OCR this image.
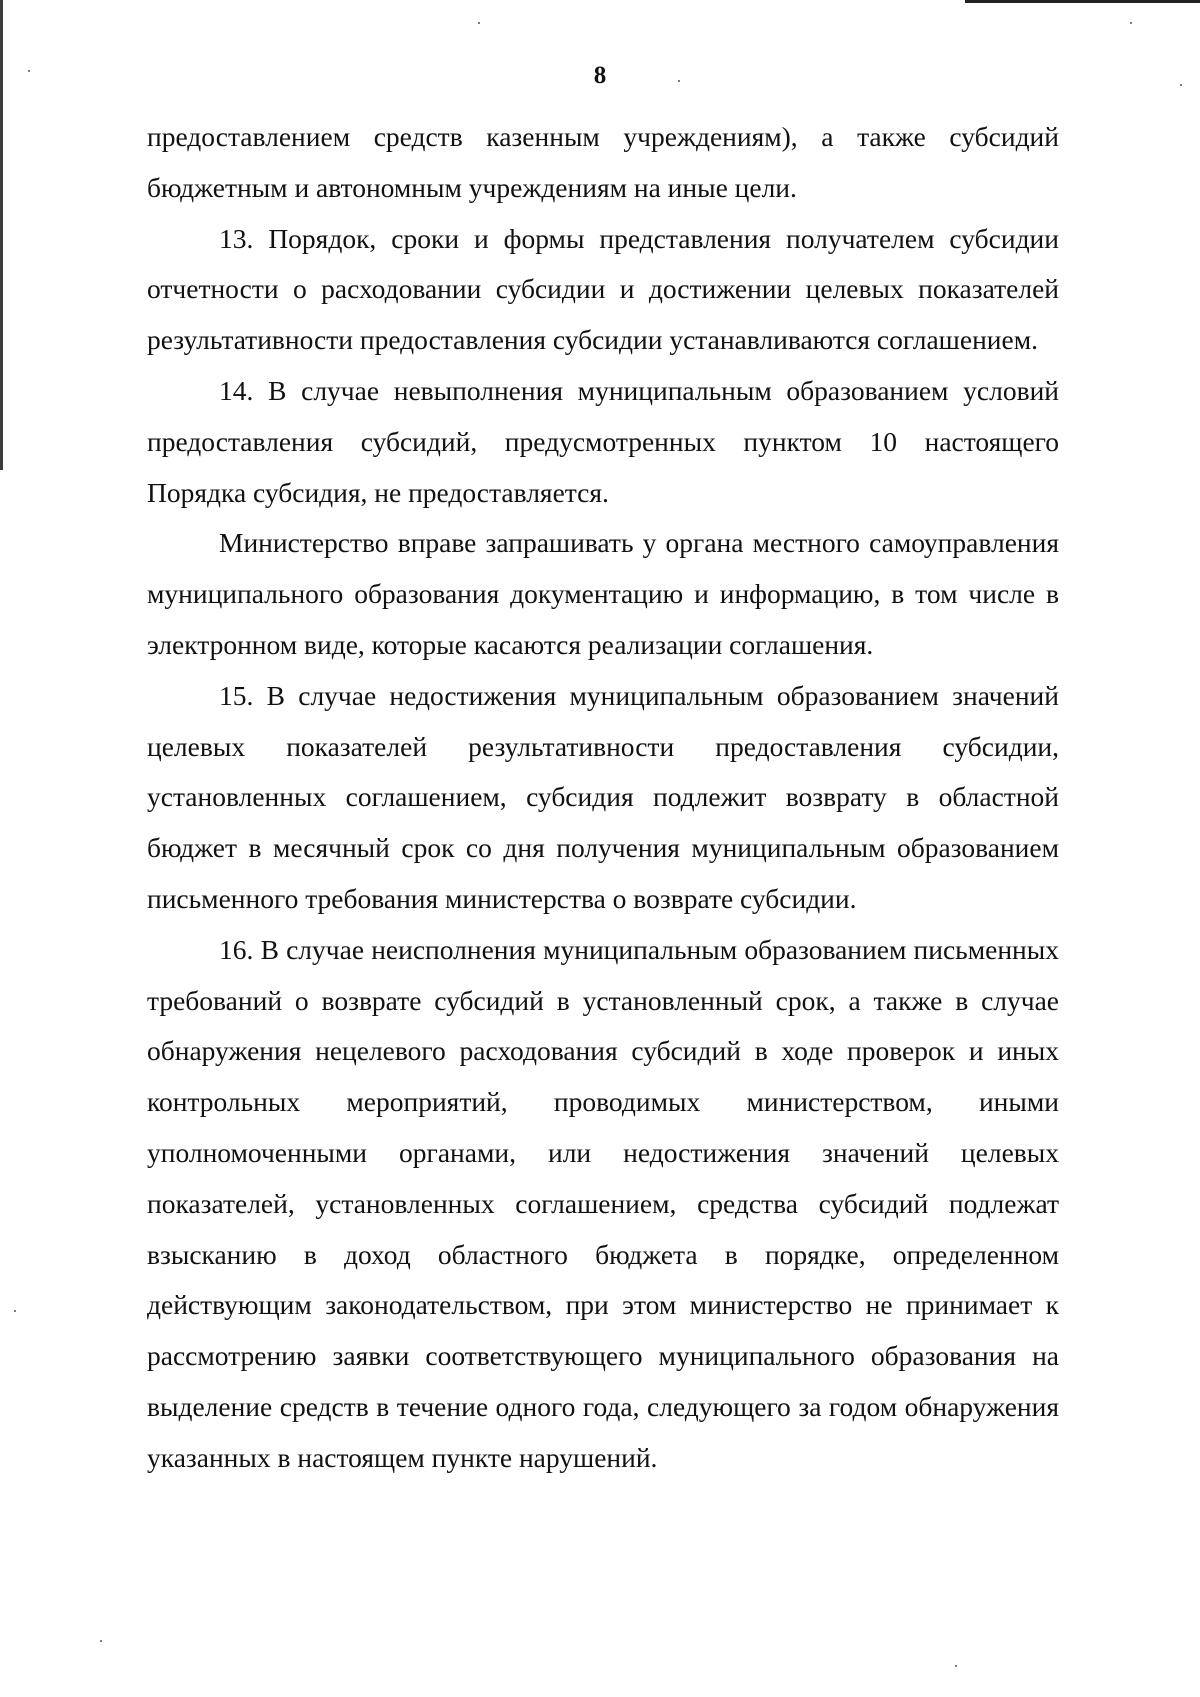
8

предоставлением средств казенным учреждениям), а также субсидий бюджетным и автономным учреждениям на иные цели.

13. Порядок, сроки и формы представления получателем субсидии отчетности о расходовании субсидии и достижении целевых показателей результативности предоставления субсидии устанавливаются соглашением.

14. В случае невыполнения муниципальным образованием условий предоставления субсидий, предусмотренных пунктом 10 настоящего Порядка субсидия, не предоставляется.

Министерство вправе запрашивать у органа местного самоуправления муниципального образования документацию и информацию, в том числе в электронном виде, которые касаются реализации соглашения.

15. В случае недостижения муниципальным образованием значений целевых показателей результативности предоставления субсидии, установленных соглашением, субсидия подлежит возврату в областной бюджет в месячный срок со дня получения муниципальным образованием письменного требования министерства о возврате субсидии.

16. В случае неисполнения муниципальным образованием письменных требований о возврате субсидий в установленный срок, а также в случае обнаружения нецелевого расходования субсидий в ходе проверок и иных контрольных мероприятий, проводимых министерством, иными уполномоченными органами, или недостижения значений целевых показателей, установленных соглашением, средства субсидий подлежат взысканию в доход областного бюджета в порядке, определенном действующим законодательством, при этом министерство не принимает к рассмотрению заявки соответствующего муниципального образования на выделение средств в течение одного года, следующего за годом обнаружения указанных в настоящем пункте нарушений.
